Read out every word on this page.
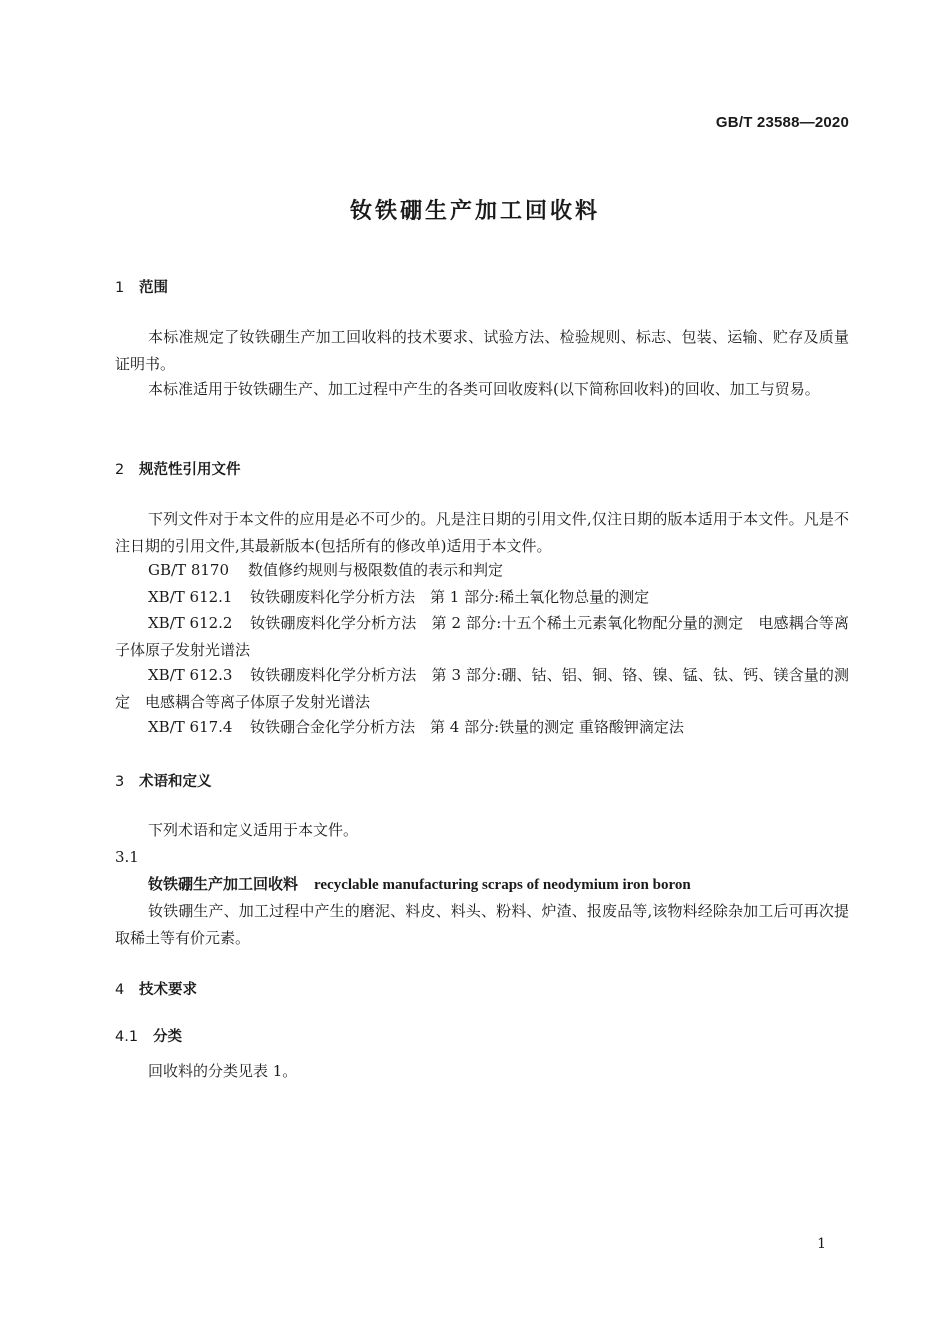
GB/T 23588—2020
钕铁硼生产加工回收料
1 范围
本标准规定了钕铁硼生产加工回收料的技术要求、试验方法、检验规则、标志、包装、运输、贮存及质量证明书。
本标准适用于钕铁硼生产、加工过程中产生的各类可回收废料(以下简称回收料)的回收、加工与贸易。
2 规范性引用文件
下列文件对于本文件的应用是必不可少的。凡是注日期的引用文件,仅注日期的版本适用于本文件。凡是不注日期的引用文件,其最新版本(包括所有的修改单)适用于本文件。
GB/T 8170 数值修约规则与极限数值的表示和判定
XB/T 612.1 钕铁硼废料化学分析方法　第 1 部分:稀土氧化物总量的测定
XB/T 612.2 钕铁硼废料化学分析方法　第 2 部分:十五个稀土元素氧化物配分量的测定　电感耦合等离子体原子发射光谱法
XB/T 612.3 钕铁硼废料化学分析方法　第 3 部分:硼、钴、铝、铜、铬、镍、锰、钛、钙、镁含量的测定　电感耦合等离子体原子发射光谱法
XB/T 617.4 钕铁硼合金化学分析方法　第 4 部分:铁量的测定 重铬酸钾滴定法
3 术语和定义
下列术语和定义适用于本文件。
3.1
钕铁硼生产加工回收料 recyclable manufacturing scraps of neodymium iron boron
钕铁硼生产、加工过程中产生的磨泥、料皮、料头、粉料、炉渣、报废品等,该物料经除杂加工后可再次提取稀土等有价元素。
4 技术要求
4.1 分类
回收料的分类见表 1。
1
